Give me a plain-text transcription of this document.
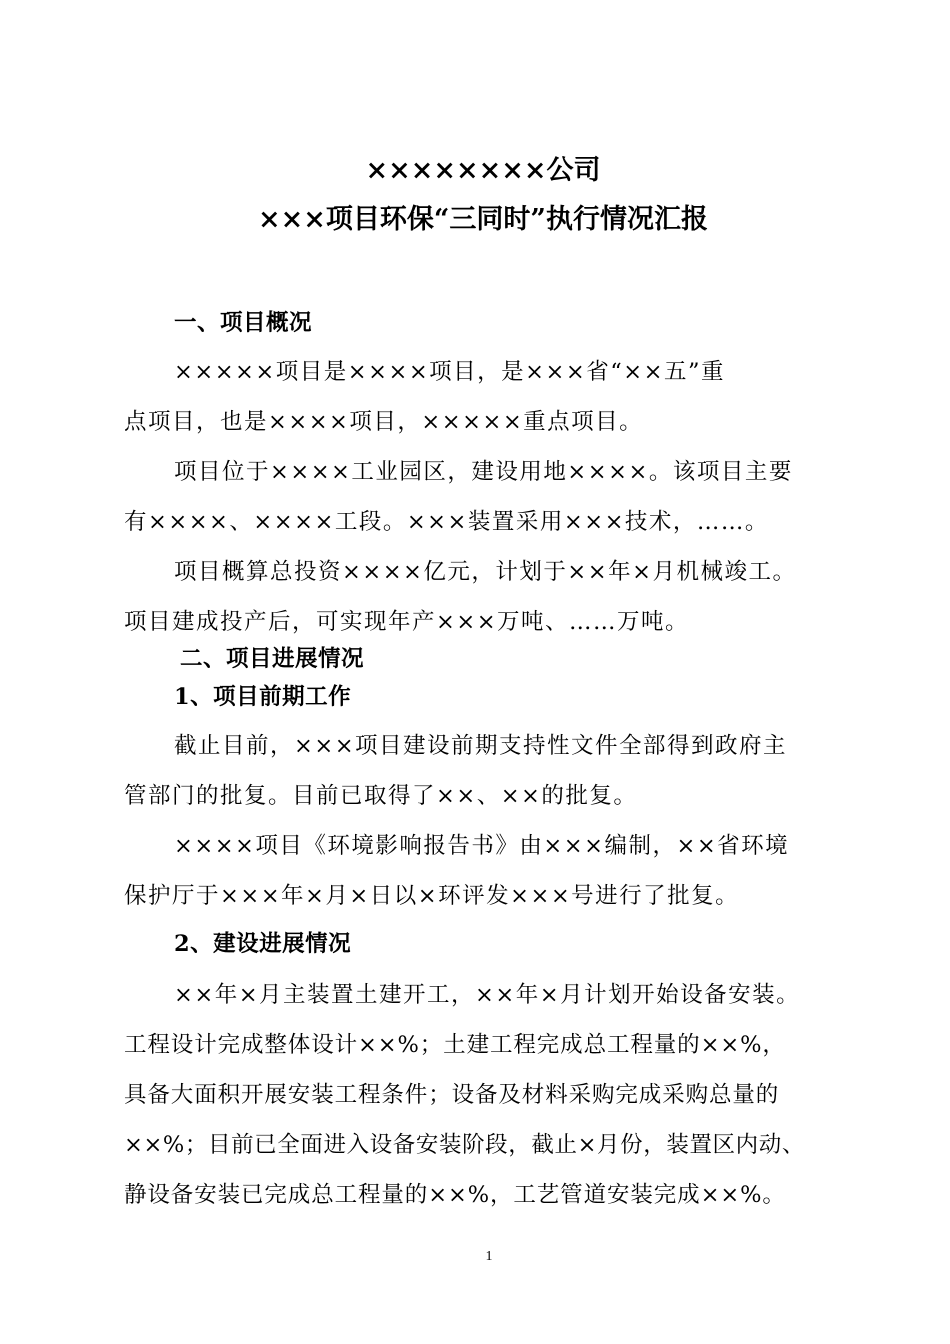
××××××××公司
×××项目环保“三同时”执行情况汇报
一、项目概况
×××××项目是××××项目，是×××省“××五”重
点项目，也是××××项目，×××××重点项目。
项目位于××××工业园区，建设用地××××。该项目主要
有××××、××××工段。×××装置采用×××技术，……。
项目概算总投资××××亿元，计划于××年×月机械竣工。
项目建成投产后，可实现年产×××万吨、……万吨。
二、项目进展情况
1、项目前期工作
截止目前，×××项目建设前期支持性文件全部得到政府主
管部门的批复。目前已取得了××、××的批复。
××××项目《环境影响报告书》由×××编制，××省环境
保护厅于×××年×月×日以×环评发×××号进行了批复。
2、建设进展情况
××年×月主装置土建开工，××年×月计划开始设备安装。
工程设计完成整体设计××%；土建工程完成总工程量的××%，
具备大面积开展安装工程条件；设备及材料采购完成采购总量的
××%；目前已全面进入设备安装阶段，截止×月份，装置区内动、
静设备安装已完成总工程量的××%，工艺管道安装完成××%。
1
